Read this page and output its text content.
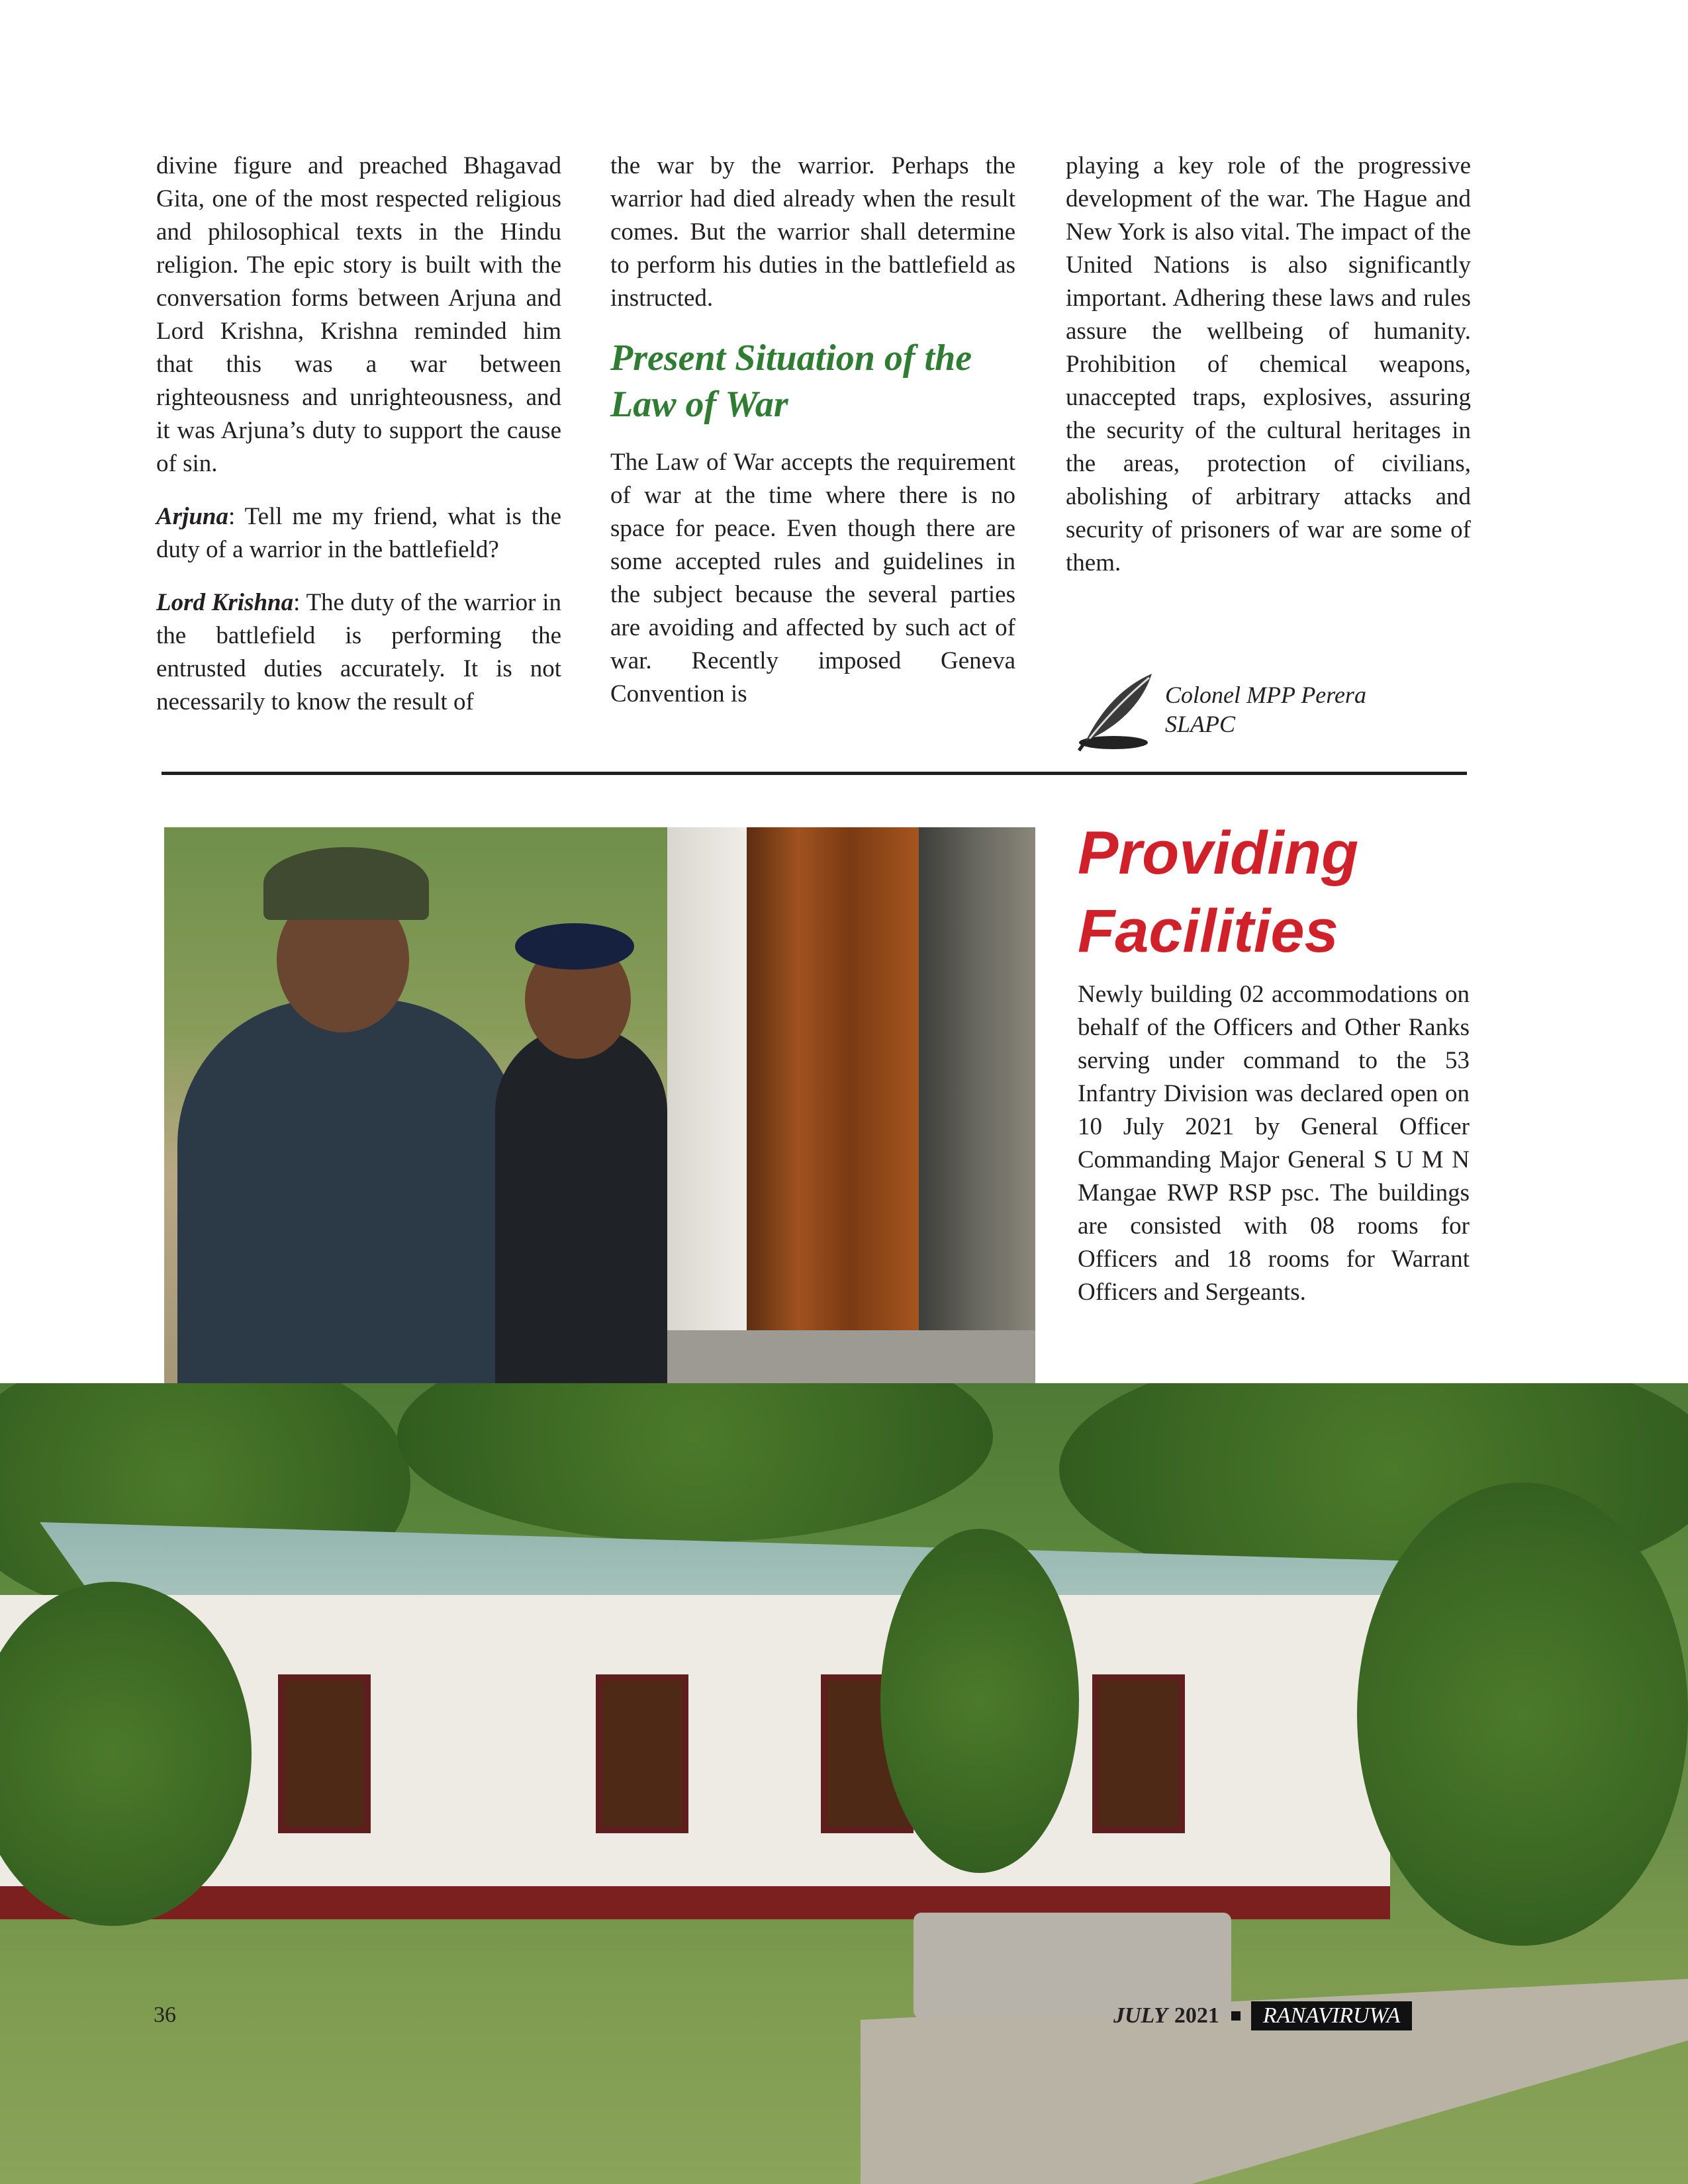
divine figure and preached Bhagavad Gita, one of the most respected religious and philosophical texts in the Hindu religion. The epic story is built with the conversation forms between Arjuna and Lord Krishna, Krishna reminded him that this was a war between righteousness and unrighteousness, and it was Arjuna’s duty to support the cause of sin.

Arjuna: Tell me my friend, what is the duty of a warrior in the battlefield?

Lord Krishna: The duty of the warrior in the battlefield is performing the entrusted duties accurately. It is not necessarily to know the result of

the war by the warrior. Perhaps the warrior had died already when the result comes. But the warrior shall determine to perform his duties in the battlefield as instructed.

Present Situation of the Law of War

The Law of War accepts the requirement of war at the time where there is no space for peace. Even though there are some accepted rules and guidelines in the subject because the several parties are avoiding and affected by such act of war. Recently imposed Geneva Convention is

playing a key role of the progressive development of the war. The Hague and New York is also vital. The impact of the United Nations is also significantly important. Adhering these laws and rules assure the wellbeing of humanity. Prohibition of chemical weapons, unaccepted traps, explosives, assuring the security of the cultural heritages in the areas, protection of civilians, abolishing of arbitrary attacks and security of prisoners of war are some of them.

Colonel MPP Perera
SLAPC
Providing
Facilities
Newly building 02 accommodations on behalf of the Officers and Other Ranks serving under command to the 53 Infantry Division was declared open on 10 July 2021 by General Officer Commanding Major General S U M N Mangae RWP RSP psc. The buildings are consisted with 08 rooms for Officers and 18 rooms for Warrant Officers and Sergeants.
36	JULY 2021	RANAVIRUWA
